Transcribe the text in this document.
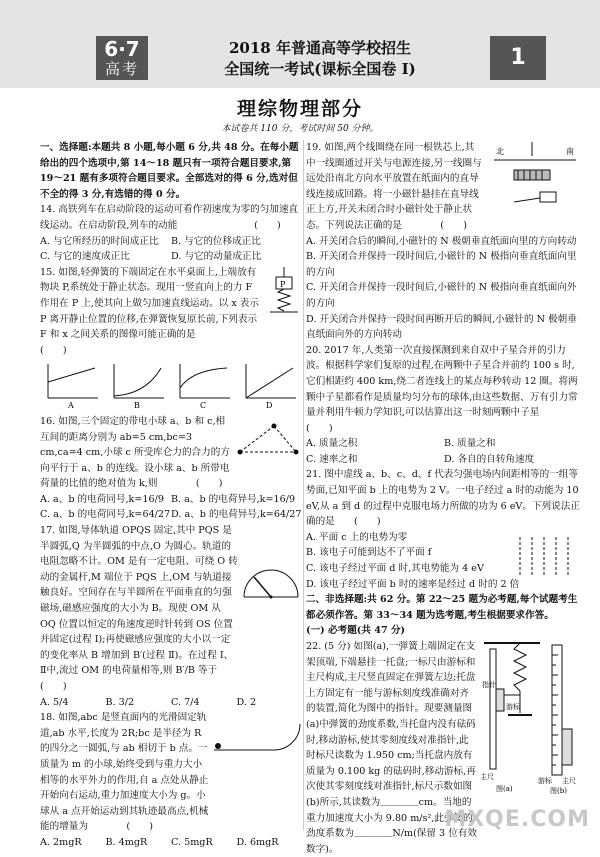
6·7
高考
2018 年普通高等学校招生
全国统一考试(课标全国卷 I)	1
理综物理部分
本试卷共 110 分，考试时间 50 分钟。

一、选择题:本题共 8 小题,每小题 6 分,共 48 分。在每小题给出的四个选项中,第 14～18 题只有一项符合题目要求,第 19～21 题有多项符合题目要求。全部选对的得 6 分,选对但不全的得 3 分,有选错的得 0 分。

14. 高铁列车在启动阶段的运动可看作初速度为零的匀加速直线运动。在启动阶段,列车的动能　　　　　　　　(　　)

A. 与它所经历的时间成正比	B. 与它的位移成正比
C. 与它的速度成正比	D. 与它的动量成正比

15. 如图,轻弹簧的下端固定在水平桌面上,上端放有物块 P,系统处于静止状态。现用一竖直向上的力 F 作用在 P 上,使其向上做匀加速直线运动。以 x 表示 P 离开静止位置的位移,在弹簧恢复原长前,下列表示 F 和 x 之间关系的图像可能正确的是　　　　　　(　　)

P
A	B	C	D

16. 如图,三个固定的带电小球 a、b 和 c,相互间的距离分别为 ab=5 cm,bc=3 cm,ca=4 cm,小球 c 所受库仑力的合力的方向平行于 a、b 的连线。设小球 a、b 所带电荷量的比值的绝对值为 k,则　　　　(　　)

A. a、b 的电荷同号,k=16/9 B. a、b 的电荷异号,k=16/9
C. a、b 的电荷同号,k=64/27 D. a、b 的电荷异号,k=64/27

17. 如图,导体轨道 OPQS 固定,其中 PQS 是半圆弧,Q 为半圆弧的中点,O 为圆心。轨道的电阻忽略不计。OM 是有一定电阻、可绕 O 转动的金属杆,M 端位于 PQS 上,OM 与轨道接触良好。空间存在与半圆所在平面垂直的匀强磁场,磁感应强度的大小为 B。现使 OM 从 OQ 位置以恒定的角速度逆时针转到 OS 位置并固定(过程 Ⅰ);再使磁感应强度的大小以一定的变化率从 B 增加到 B′(过程 Ⅱ)。在过程 Ⅰ、Ⅱ中,流过 OM 的电荷量相等,则 B′/B 等于　　　　(　　)

A. 5/4	B. 3/2	C. 7/4	D. 2

18. 如图,abc 是竖直面内的光滑固定轨道,ab 水平,长度为 2R;bc 是半径为 R 的四分之一圆弧,与 ab 相切于 b 点。一质量为 m 的小球,始终受到与重力大小相等的水平外力的作用,自 a 点处从静止开始向右运动,重力加速度大小为 g。小球从 a 点开始运动到其轨迹最高点,机械能的增量为　　　　(　　)

A. 2mgR	B. 4mgR	C. 5mgR	D. 6mgR

19. 如图,两个线圈绕在同一根铁芯上,其中一线圈通过开关与电源连接,另一线圈与远处沿南北方向水平放置在纸面内的直导线连接成回路。将一小磁针悬挂在直导线正上方,开关未闭合时小磁针处于静止状态。下列说法正确的是　　　　(　　)

北	南

A. 开关闭合后的瞬间,小磁针的 N 极朝垂直纸面向里的方向转动

B. 开关闭合并保持一段时间后,小磁针的 N 极指向垂直纸面向里的方向

C. 开关闭合并保持一段时间后,小磁针的 N 极指向垂直纸面向外的方向

D. 开关闭合并保持一段时间再断开后的瞬间,小磁针的 N 极朝垂直纸面向外的方向转动

20. 2017 年,人类第一次直接探测到来自双中子星合并的引力波。根据科学家们复原的过程,在两颗中子星合并前约 100 s 时,它们相距约 400 km,绕二者连线上的某点每秒转动 12 圈。将两颗中子星都看作是质量均匀分布的球体,由这些数据、万有引力常量并利用牛顿力学知识,可以估算出这一时刻两颗中子星　　　　(　　)

A. 质量之积	B. 质量之和
C. 速率之和	D. 各自的自转角速度

21. 图中虚线 a、b、c、d、f 代表匀强电场内间距相等的一组等势面,已知平面 b 上的电势为 2 V。一电子经过 a 时的动能为 10 eV,从 a 到 d 的过程中克服电场力所做的功为 6 eV。下列说法正确的是　　(　　)

A. 平面 c 上的电势为零

B. 该电子可能到达不了平面 f

C. 该电子经过平面 d 时,其电势能为 4 eV

D. 该电子经过平面 b 时的速率是经过 d 时的 2 倍

二、非选择题:共 62 分。第 22～25 题为必考题,每个试题考生都必须作答。第 33～34 题为选考题,考生根据要求作答。

(一) 必考题(共 47 分)

22. (5 分) 如图(a),一弹簧上端固定在支架顶端,下端悬挂一托盘;一标尺由游标和主尺构成,主尺竖直固定在弹簧左边;托盘上方固定有一能与游标刻度线准确对齐的装置,简化为图中的指针。现要测量图(a)中弹簧的劲度系数,当托盘内没有砝码时,移动游标,使其零刻度线对准指针,此时标尺读数为 1.950 cm;当托盘内放有质量为 0.100 kg 的砝码时,移动游标,再次使其零刻度线对准指针,标尺示数如图(b)所示,其读数为＿＿＿＿cm。当地的重力加速度大小为 9.80 m/s²,此弹簧的劲度系数为＿＿＿＿N/m(保留 3 位有效数字)。

指针
游标
主尺
图(a)
游标 主尺
图(b)
MXQE.COM
